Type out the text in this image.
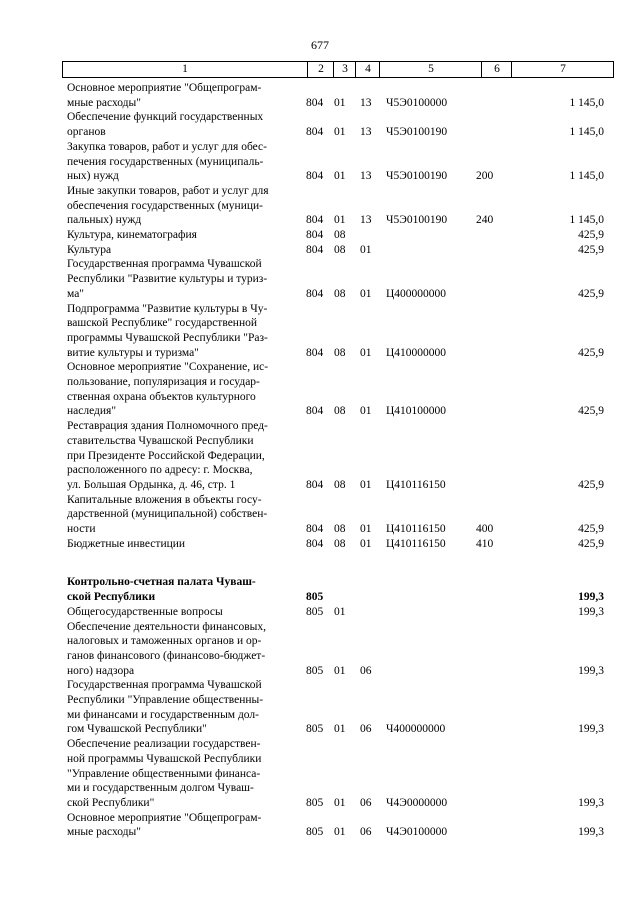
677
1	2	3	4	5	6	7
Основное мероприятие "Общепрограм-
мные расходы"	804 01 13 Ч5Э0100000	1 145,0
Обеспечение функций государственных
органов	804 01 13 Ч5Э0100190	1 145,0
Закупка товаров, работ и услуг для обес-
печения государственных (муниципаль-
ных) нужд	804 01 13 Ч5Э0100190	200	1 145,0
Иные закупки товаров, работ и услуг для
обеспечения государственных (муници-
пальных) нужд	804 01 13 Ч5Э0100190	240	1 145,0
Культура, кинематография	804 08	425,9
Культура	804 08 01	425,9
Государственная программа Чувашской
Республики "Развитие культуры и туриз-
ма"	804 08 01 Ц400000000	425,9
Подпрограмма "Развитие культуры в Чу-
вашской Республике" государственной
программы Чувашской Республики "Раз-
витие культуры и туризма"	804 08 01 Ц410000000	425,9
Основное мероприятие "Сохранение, ис-
пользование, популяризация и государ-
ственная охрана объектов культурного
наследия"	804 08 01 Ц410100000	425,9
Реставрация здания Полномочного пред-
ставительства Чувашской Республики
при Президенте Российской Федерации,
расположенного по адресу: г. Москва,
ул. Большая Ордынка, д. 46, стр. 1	804 08 01 Ц410116150	425,9
Капитальные вложения в объекты госу-
дарственной (муниципальной) собствен-
ности	804 08 01 Ц410116150	400	425,9
Бюджетные инвестиции	804 08 01 Ц410116150	410	425,9
Контрольно-счетная палата Чуваш-
ской Республики	805	199,3
Общегосударственные вопросы	805 01	199,3
Обеспечение деятельности финансовых,
налоговых и таможенных органов и ор-
ганов финансового (финансово-бюджет-
ного) надзора	805 01 06	199,3
Государственная программа Чувашской
Республики "Управление общественны-
ми финансами и государственным дол-
гом Чувашской Республики"	805 01 06 Ч400000000	199,3
Обеспечение реализации государствен-
ной программы Чувашской Республики
"Управление общественными финанса-
ми и государственным долгом Чуваш-
ской Республики"	805 01 06 Ч4Э0000000	199,3
Основное мероприятие "Общепрограм-
мные расходы"	805 01 06 Ч4Э0100000	199,3
